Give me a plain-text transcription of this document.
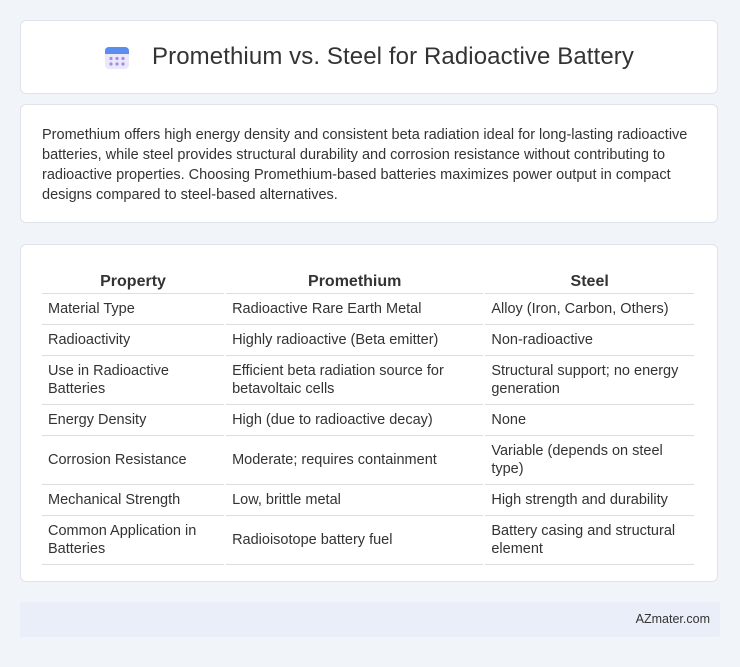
Promethium vs. Steel for Radioactive Battery

Promethium offers high energy density and consistent beta radiation ideal for long-lasting radioactive batteries, while steel provides structural durability and corrosion resistance without contributing to radioactive properties. Choosing Promethium-based batteries maximizes power output in compact designs compared to steel-based alternatives.

Property	Promethium	Steel
Material Type	Radioactive Rare Earth Metal	Alloy (Iron, Carbon, Others)
Radioactivity	Highly radioactive (Beta emitter)	Non-radioactive
Use in Radioactive Batteries	Efficient beta radiation source for betavoltaic cells	Structural support; no energy generation
Energy Density	High (due to radioactive decay)	None
Corrosion Resistance	Moderate; requires containment	Variable (depends on steel type)
Mechanical Strength	Low, brittle metal	High strength and durability
Common Application in Batteries	Radioisotope battery fuel	Battery casing and structural element
AZmater.com
